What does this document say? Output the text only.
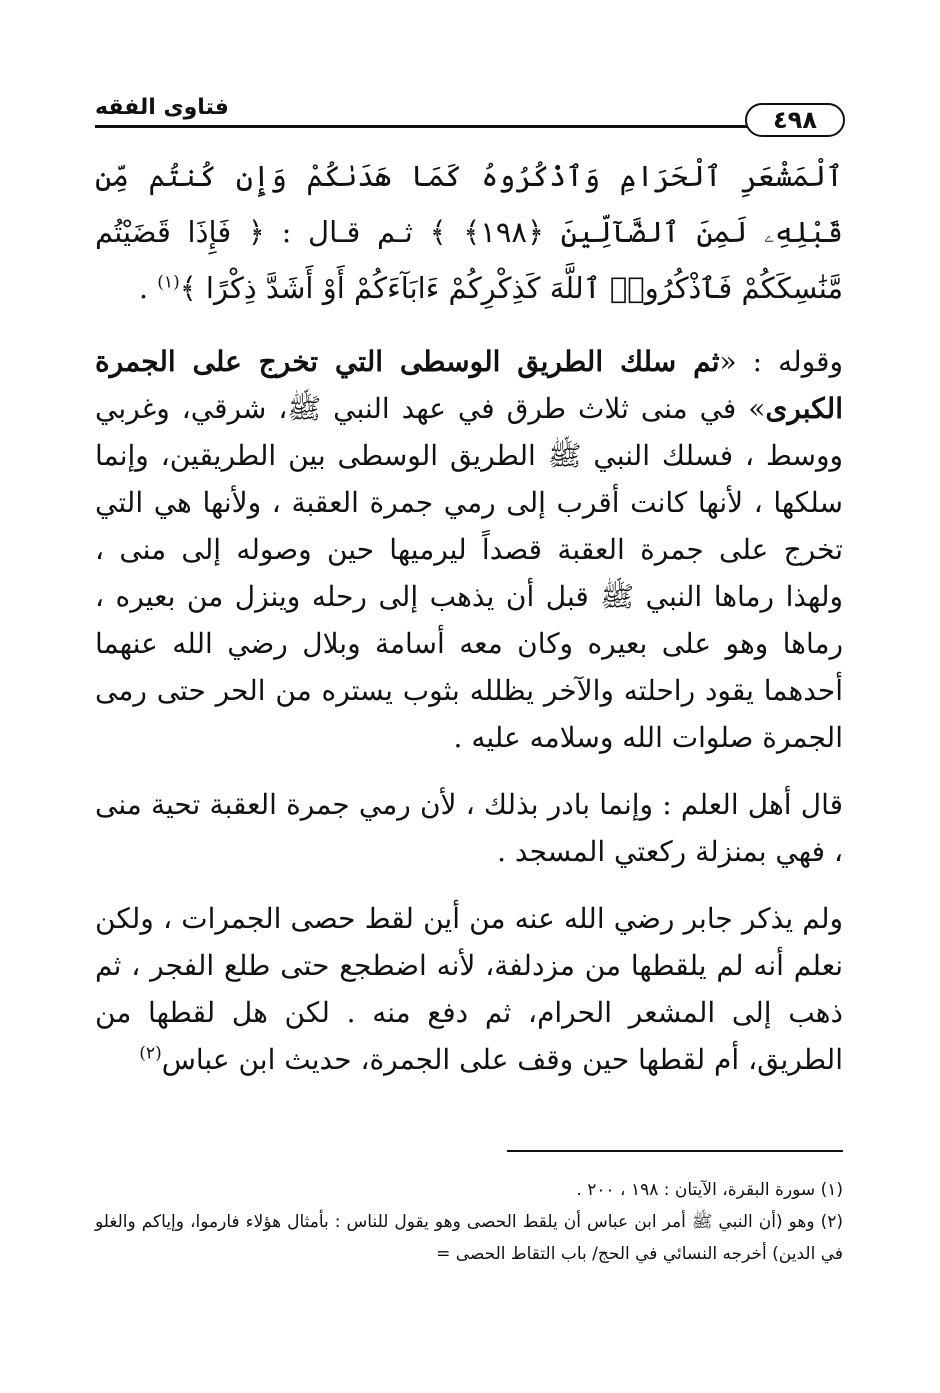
فتاوى الفقه	٤٩٨

ٱلْمَشْعَرِ ٱلْحَرَامِ وَٱذْكُرُوهُ كَمَا هَدَىٰكُمْ وَإِن كُنتُم مِّن قَبْلِهِۦ لَمِنَ ٱلضَّآلِّينَ ﴿١٩٨﴾ ﴾ ثـم قـال : ﴿ فَإِذَا قَضَيْتُم مَّنَٰسِكَكُمْ فَٱذْكُرُوا۟ ٱللَّهَ كَذِكْرِكُمْ ءَابَآءَكُمْ أَوْ أَشَدَّ ذِكْرًا ﴾$^{(١)}$ .

وقوله : «ثم سلك الطريق الوسطى التي تخرج على الجمرة الكبرى» في منى ثلاث طرق في عهد النبي ﷺ، شرقي، وغربي ووسط ، فسلك النبي ﷺ الطريق الوسطى بين الطريقين، وإنما سلكها ، لأنها كانت أقرب إلى رمي جمرة العقبة ، ولأنها هي التي تخرج على جمرة العقبة قصداً ليرميها حين وصوله إلى منى ، ولهذا رماها النبي ﷺ قبل أن يذهب إلى رحله وينزل من بعيره ، رماها وهو على بعيره وكان معه أسامة وبلال رضي الله عنهما أحدهما يقود راحلته والآخر يظلله بثوب يستره من الحر حتى رمى الجمرة صلوات الله وسلامه عليه .

قال أهل العلم : وإنما بادر بذلك ، لأن رمي جمرة العقبة تحية منى ، فهي بمنزلة ركعتي المسجد .

ولم يذكر جابر رضي الله عنه من أين لقط حصى الجمرات ، ولكن نعلم أنه لم يلقطها من مزدلفة، لأنه اضطجع حتى طلع الفجر ، ثم ذهب إلى المشعر الحرام، ثم دفع منه . لكن هل لقطها من الطريق، أم لقطها حين وقف على الجمرة، حديث ابن عباس$^{(٢)}$

(١) سورة البقرة، الآيتان : ١٩٨ ، ٢٠٠ .
(٢) وهو (أن النبي ﷺ أمر ابن عباس أن يلقط الحصى وهو يقول للناس : بأمثال هؤلاء فارموا، وإياكم والغلو في الدين) أخرجه النسائي في الحج/ باب التقاط الحصى =
